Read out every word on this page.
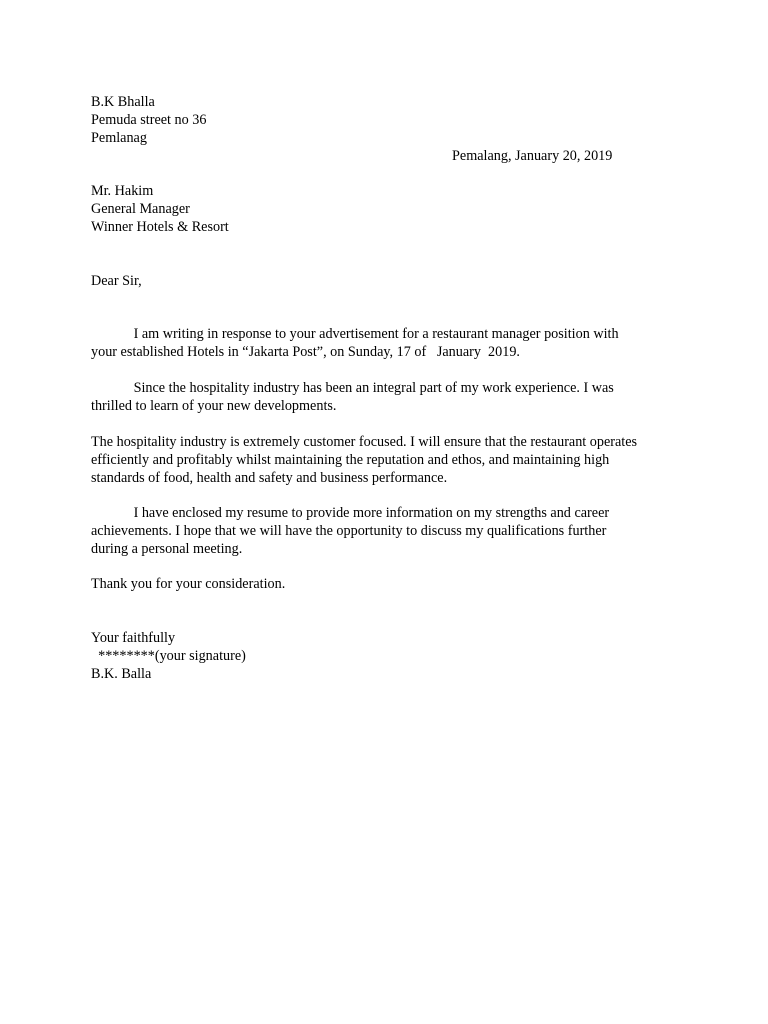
B.K Bhalla
Pemuda street no 36
Pemlanag
Pemalang, January 20, 2019
Mr. Hakim
General Manager
Winner Hotels & Resort
Dear Sir,
I am writing in response to your advertisement for a restaurant manager position with
your established Hotels in “Jakarta Post”, on Sunday, 17 of   January  2019.
Since the hospitality industry has been an integral part of my work experience. I was
thrilled to learn of your new developments.
The hospitality industry is extremely customer focused. I will ensure that the restaurant operates
efficiently and profitably whilst maintaining the reputation and ethos, and maintaining high
standards of food, health and safety and business performance.
I have enclosed my resume to provide more information on my strengths and career
achievements. I hope that we will have the opportunity to discuss my qualifications further
during a personal meeting.
Thank you for your consideration.
Your faithfully
********(your signature)
B.K. Balla
